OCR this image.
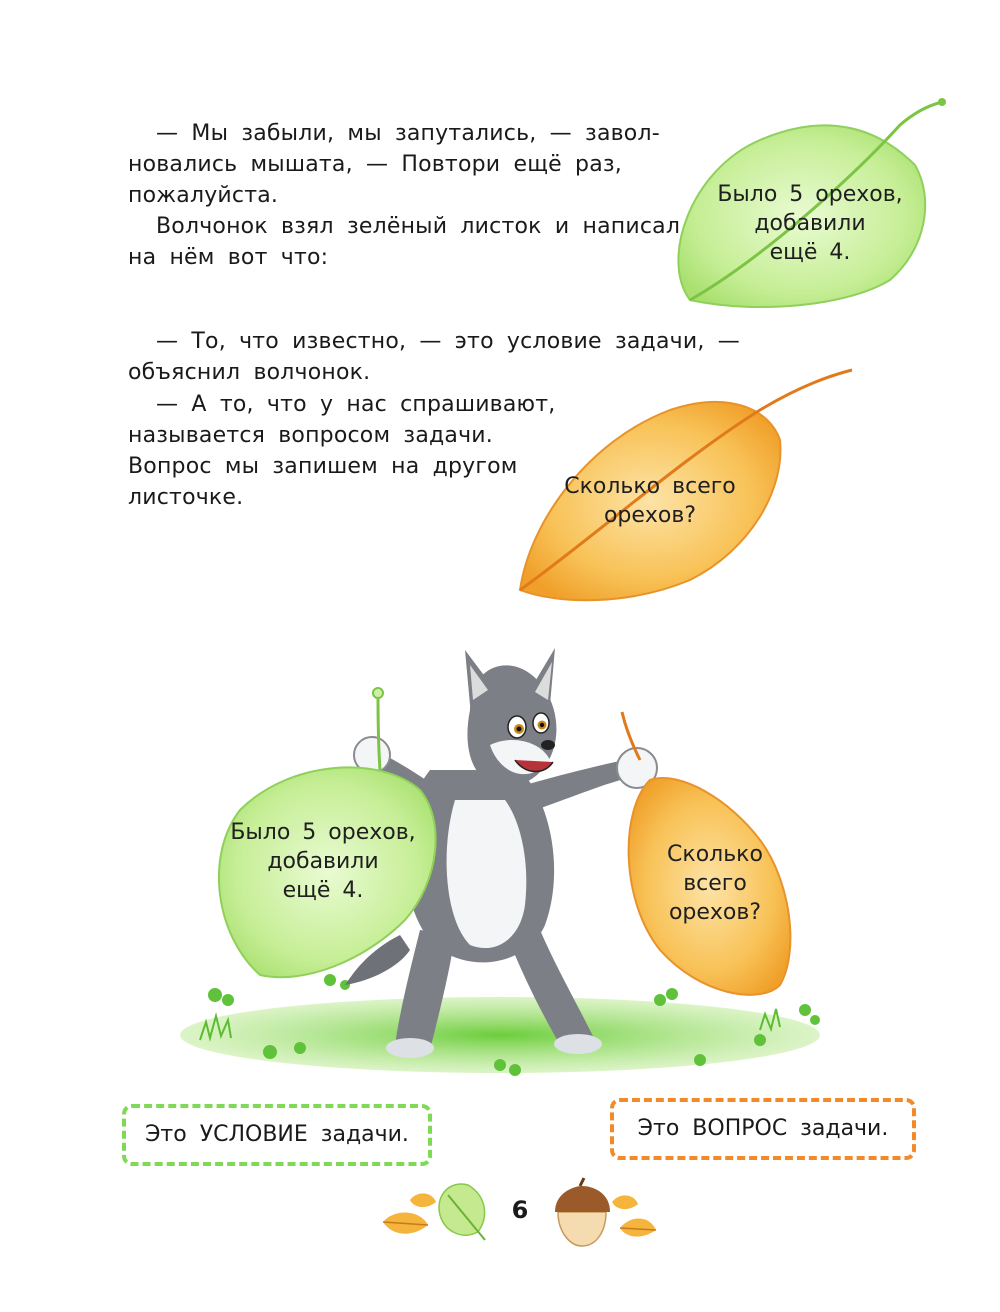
— Мы забыли, мы запутались, — завол-
новались мышата, — Повтори ещё раз,
пожалуйста.
Волчонок взял зелёный листок и написал
на нём вот что:
— То, что известно, — это условие задачи, —
объяснил волчонок.
— А то, что у нас спрашивают,
называется вопросом задачи.
Вопрос мы запишем на другом
листочке.
Было 5 орехов,
добавили
ещё 4.
Сколько всего
орехов?
Было 5 орехов,
добавили
ещё 4.
Сколько
всего
орехов?
Это УСЛОВИЕ задачи.	Это ВОПРОС задачи.
6
